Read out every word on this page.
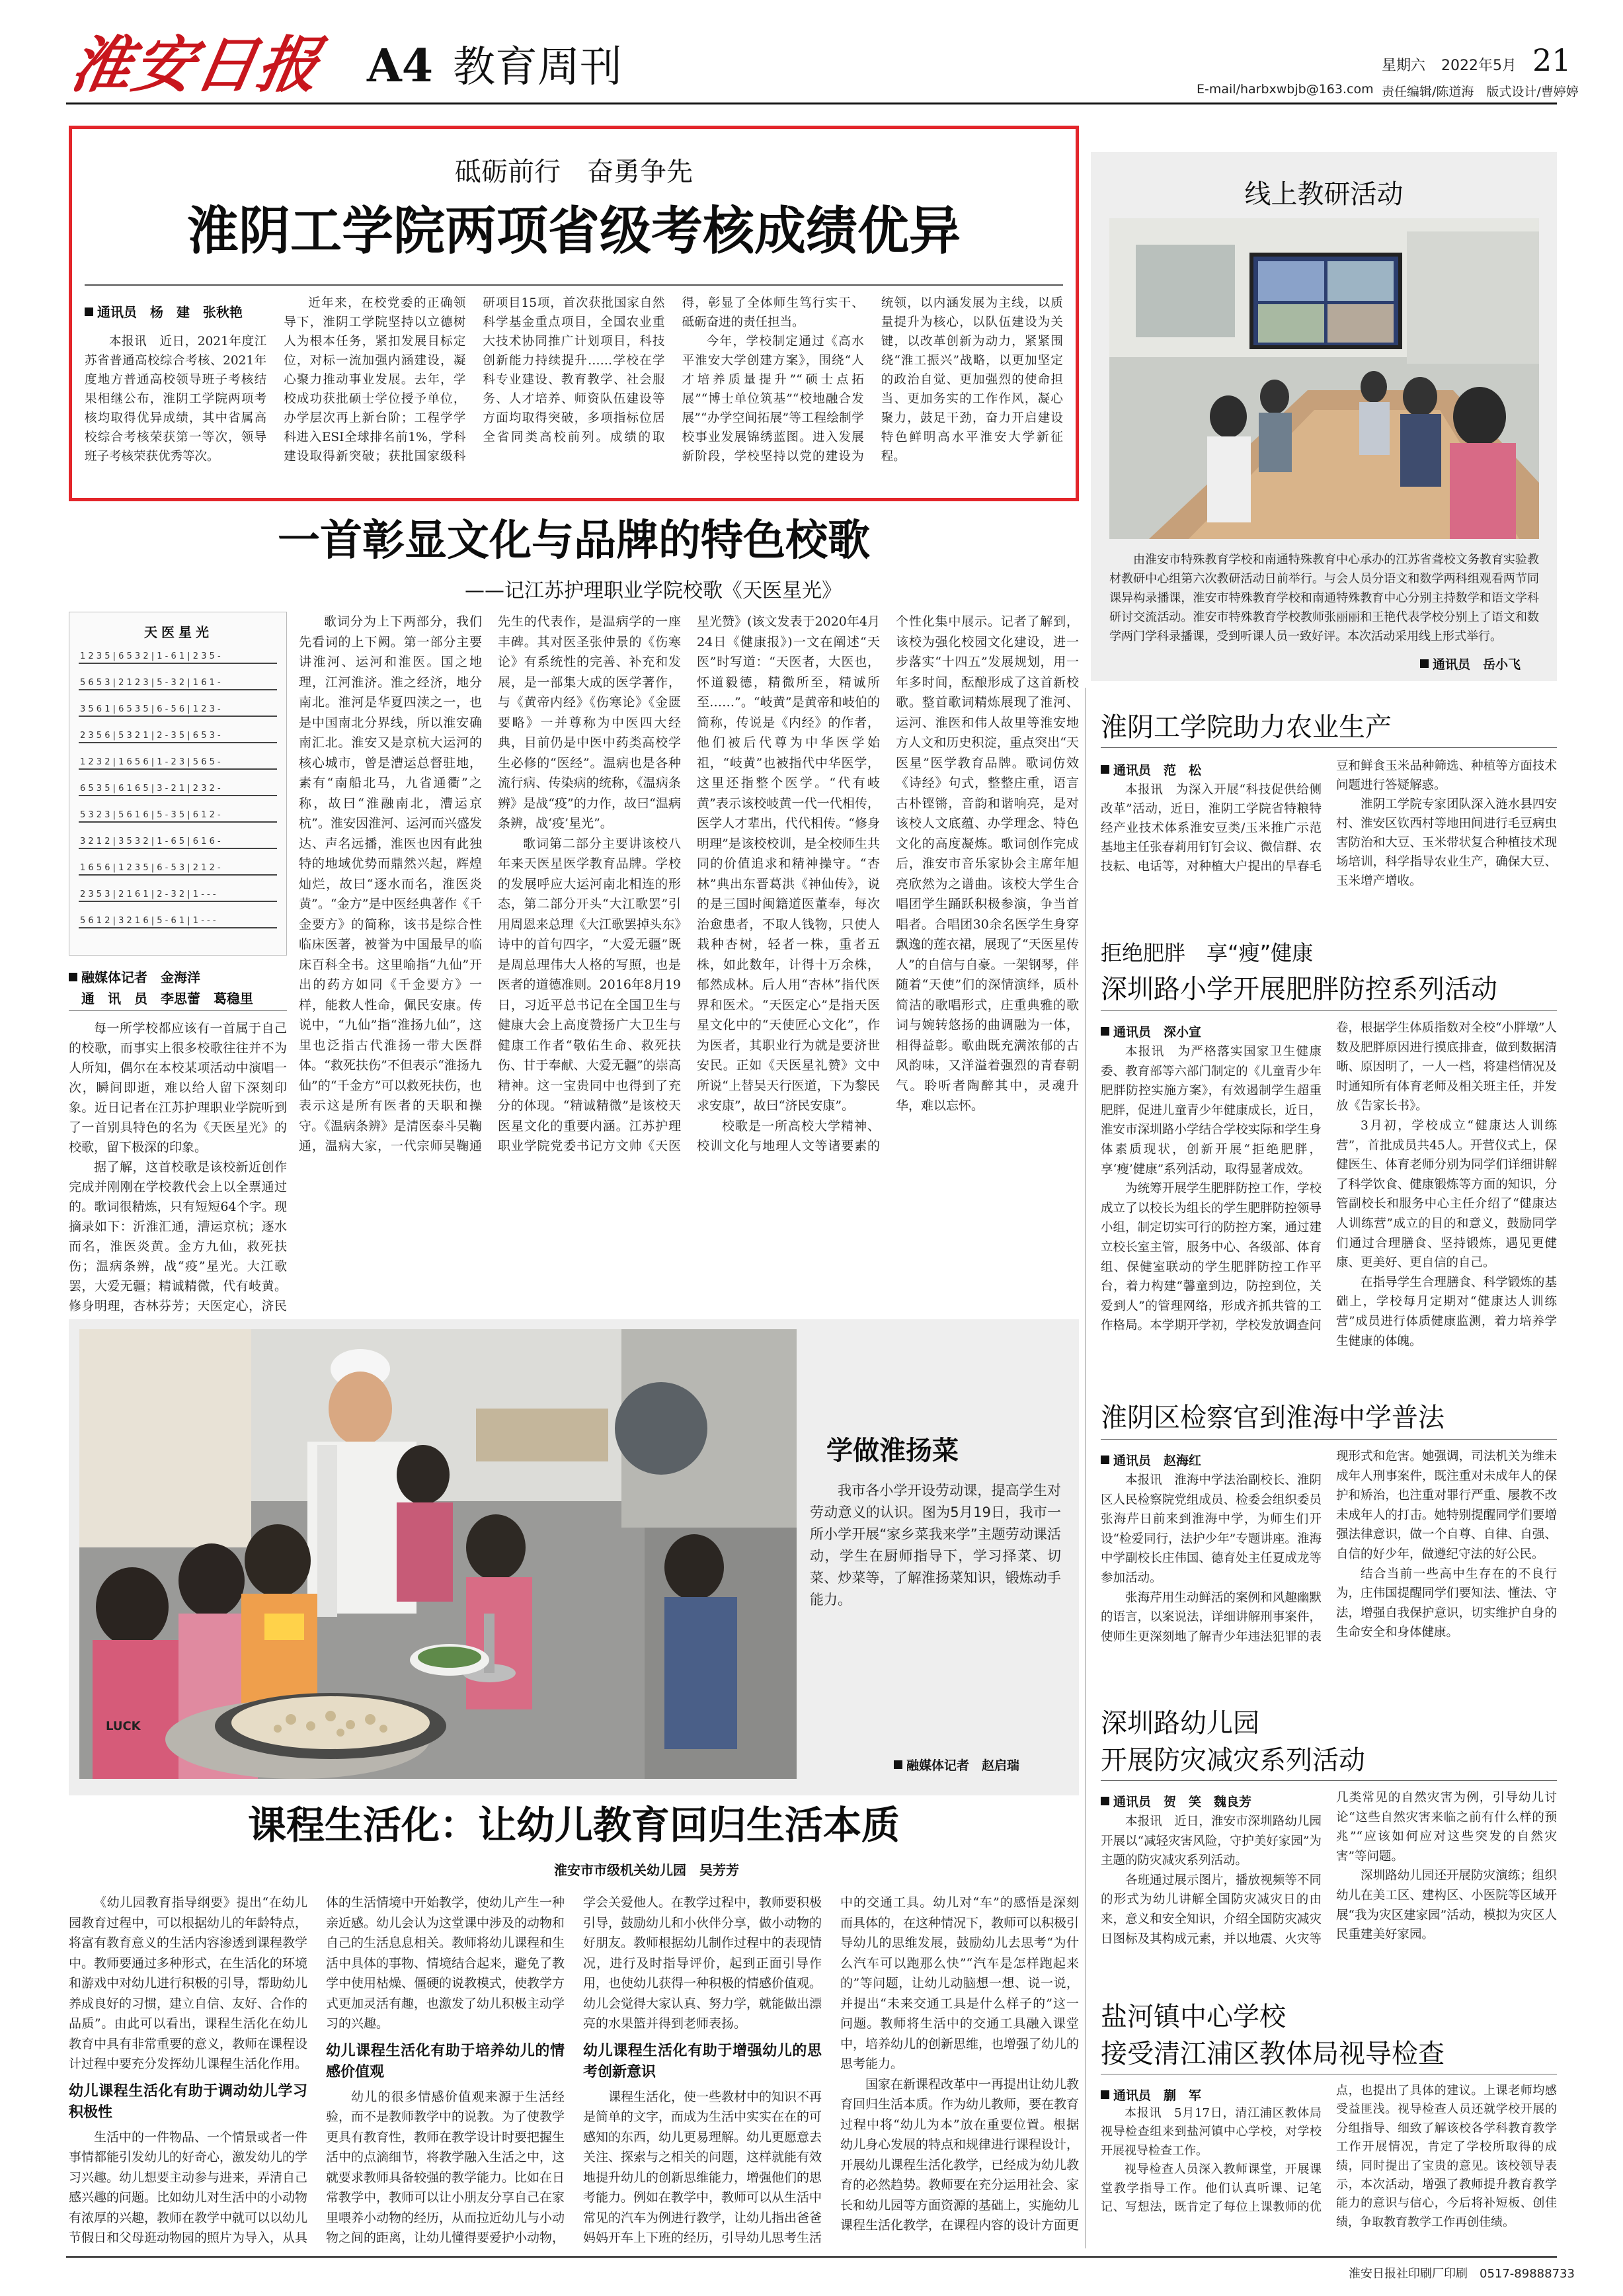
淮安日报 A4 教育周刊	星期六 2022年5月 21
E-mail/harbxwbjb@163.com 责任编辑/陈道海　版式设计/曹婷婷
砥砺前行　奋勇争先
淮阴工学院两项省级考核成绩优异
通讯员　杨　建　张秋艳

本报讯　近日，2021年度江苏省普通高校综合考核、2021年度地方普通高校领导班子考核结果相继公布，淮阴工学院两项考核均取得优异成绩，其中省属高校综合考核荣获第一等次，领导班子考核荣获优秀等次。

近年来，在校党委的正确领导下，淮阴工学院坚持以立德树人为根本任务，紧扣发展目标定位，对标一流加强内涵建设，凝心聚力推动事业发展。去年，学校成功获批硕士学位授予单位，办学层次再上新台阶；工程学学科进入ESI全球排名前1%，学科建设取得新突破；获批国家级科研项目15项，首次获批国家自然科学基金重点项目，全国农业重大技术协同推广计划项目，科技创新能力持续提升……学校在学科专业建设、教育教学、社会服务、人才培养、师资队伍建设等方面均取得突破，多项指标位居全省同类高校前列。成绩的取得，彰显了全体师生笃行实干、砥砺奋进的责任担当。

今年，学校制定通过《高水平淮安大学创建方案》，围绕“人才培养质量提升”“硕士点拓展”“博士单位筑基”“校地融合发展”“办学空间拓展”等工程绘制学校事业发展锦绣蓝图。进入发展新阶段，学校坚持以党的建设为统领，以内涵发展为主线，以质量提升为核心，以队伍建设为关键，以改革创新为动力，紧紧围绕“淮工振兴”战略，以更加坚定的政治自觉、更加强烈的使命担当、更加务实的工作作风，凝心聚力，鼓足干劲，奋力开启建设特色鲜明高水平淮安大学新征程。

线上教研活动

由淮安市特殊教育学校和南通特殊教育中心承办的江苏省聋校文务教育实验教材教研中心组第六次教研活动日前举行。与会人员分语文和数学两科组观看两节同课异构录播课，淮安市特殊教育学校和南通特殊教育中心分别主持数学和语文学科研讨交流活动。淮安市特殊教育学校教师张丽丽和王艳代表学校分别上了语文和数学两门学科录播课，受到听课人员一致好评。本次活动采用线上形式举行。

通讯员　岳小飞
一首彰显文化与品牌的特色校歌
——记江苏护理职业学院校歌《天医星光》
天医星光
1 2 3 5 | 6 5 3 2 | 1 - 6 1 | 2 3 5 -
5 6 5 3 | 2 1 2 3 | 5 - 3 2 | 1 6 1 -
3 5 6 1 | 6 5 3 5 | 6 - 5 6 | 1 2 3 -
2 3 5 6 | 5 3 2 1 | 2 - 3 5 | 6 5 3 -
1 2 3 2 | 1 6 5 6 | 1 - 2 3 | 5 6 5 -
6 5 3 5 | 6 1 6 5 | 3 - 2 1 | 2 3 2 -
5 3 2 3 | 5 6 1 6 | 5 - 3 5 | 6 1 2 -
3 2 1 2 | 3 5 3 2 | 1 - 6 5 | 6 1 6 -
1 6 5 6 | 1 2 3 5 | 6 - 5 3 | 2 1 2 -
2 3 5 3 | 2 1 6 1 | 2 - 3 2 | 1 - - -
5 6 1 2 | 3 2 1 6 | 5 - 6 1 | 1 - - -
融媒体记者　金海洋
通　讯　员　李思蕾　葛稳里

每一所学校都应该有一首属于自己的校歌，而事实上很多校歌往往并不为人所知，偶尔在本校某项活动中演唱一次，瞬间即逝，难以给人留下深刻印象。近日记者在江苏护理职业学院听到了一首别具特色的名为《天医星光》的校歌，留下极深的印象。

据了解，这首校歌是该校新近创作完成并刚刚在学校教代会上以全票通过的。歌词很精炼，只有短短64个字。现摘录如下：沂淮汇通，漕运京杭；逐水而名，淮医炎黄。金方九仙，救死扶伤；温病条辨，战“疫”星光。大江歌罢，大爱无疆；精诚精微，代有岐黄。修身明理，杏林芬芳；天医定心，济民

歌词分为上下两部分，我们先看词的上下阙。第一部分主要讲淮河、运河和淮医。国之地理，江河淮济。淮之经济，地分南北。淮河是华夏四渎之一，也是中国南北分界线，所以淮安确南汇北。淮安又是京杭大运河的核心城市，曾是漕运总督驻地，素有“南船北马，九省通衢”之称，故曰“淮融南北，漕运京杭”。淮安因淮河、运河而兴盛发达、声名远播，淮医也因有此独特的地域优势而鼎然兴起，辉煌灿烂，故曰“逐水而名，淮医炎黄”。“金方”是中医经典著作《千金要方》的简称，该书是综合性临床医著，被誉为中国最早的临床百科全书。这里喻指“九仙”开出的药方如同《千金要方》一样，能救人性命，佩民安康。传说中，“九仙”指“淮扬九仙”，这里也泛指古代淮扬一带大医群体。“救死扶伤”不但表示“淮扬九仙”的“千金方”可以救死扶伤，也表示这是所有医者的天职和操守。《温病条辨》是清医泰斗吴鞠通，温病大家，一代宗师吴鞠通先生的代表作，是温病学的一座丰碑。其对医圣张仲景的《伤寒论》有系统性的完善、补充和发展，是一部集大成的医学著作，与《黄帝内经》《伤寒论》《金匮要略》一并尊称为中医四大经典，目前仍是中医中药类高校学生必修的“医经”。温病也是各种流行病、传染病的统称，《温病条辨》是战“疫”的力作，故曰“温病条辨，战‘疫’星光”。

歌词第二部分主要讲该校八年来天医星医学教育品牌。学校的发展呼应大运河南北相连的形态，第二部分开头“大江歌罢”引用周恩来总理《大江歌罢掉头东》诗中的首句四字，“大爱无疆”既是周总理伟大人格的写照，也是医者的道德准则。2016年8月19日，习近平总书记在全国卫生与健康大会上高度赞扬广大卫生与健康工作者“敬佑生命、救死扶伤、甘于奉献、大爱无疆”的崇高精神。这一宝贵同中也得到了充分的体现。“精诚精微”是该校天医星文化的重要内涵。江苏护理职业学院党委书记方文帅《天医星光赞》(该文发表于2020年4月24日《健康报》)一文在阐述“天医”时写道：“天医者，大医也，怀道毅德，精微所至，精诚所至……”。“岐黄”是黄帝和岐伯的简称，传说是《内经》的作者，他们被后代尊为中华医学始祖，“岐黄”也被指代中华医学，这里还指整个医学。“代有岐黄”表示该校岐黄一代一代相传，医学人才辈出，代代相传。“修身明理”是该校校训，是全校师生共同的价值追求和精神操守。“杏林”典出东晋葛洪《神仙传》，说的是三国时闽籍道医董奉，每次治愈患者，不取人钱物，只使人栽种杏树，轻者一株，重者五株，如此数年，计得十万余株，郁然成林。后人用“杏林”指代医界和医术。“天医定心”是指天医星文化中的“天使匠心文化”，作为医者，其职业行为就是要济世安民。正如《天医星礼赞》文中所说“上替吴天行医道，下为黎民求安康”，故曰“济民安康”。

校歌是一所高校大学精神、校训文化与地理人文等诸要素的个性化集中展示。记者了解到，该校为强化校园文化建设，进一步落实“十四五”发展规划，用一年多时间，酝酿形成了这首新校歌。整首歌词精炼展现了淮河、运河、淮医和伟人故里等淮安地方人文和历史积淀，重点突出“天医星”医学教育品牌。歌词仿效《诗经》句式，整整庄重，语言古朴铿锵，音韵和谐响亮，是对该校人文底蕴、办学理念、特色文化的高度凝炼。歌词创作完成后，淮安市音乐家协会主席年旭亮欣然为之谱曲。该校大学生合唱团学生踊跃积极参演，争当首唱者。合唱团30余名医学生身穿飘逸的莲衣裙，展现了“天医星传人”的自信与自豪。一架钢琴，伴随着“天使”们的深情演绎，质朴简洁的歌唱形式，庄重典雅的歌词与婉转悠扬的曲调融为一体，相得益彰。歌曲既充满浓郁的古风韵味，又洋溢着强烈的青春朝气。聆听者陶醉其中，灵魂升华，难以忘怀。

LUCK
学做淮扬菜

我市各小学开设劳动课，提高学生对劳动意义的认识。图为5月19日，我市一所小学开展“家乡菜我来学”主题劳动课活动，学生在厨师指导下，学习择菜、切菜、炒菜等，了解淮扬菜知识，锻炼动手能力。

融媒体记者　赵启瑞
课程生活化：让幼儿教育回归生活本质
淮安市市级机关幼儿园　吴芳芳

《幼儿园教育指导纲要》提出“在幼儿园教育过程中，可以根据幼儿的年龄特点，将富有教育意义的生活内容渗透到课程教学中。教师要通过多种形式，在生活化的环境和游戏中对幼儿进行积极的引导，帮助幼儿养成良好的习惯，建立自信、友好、合作的品质”。由此可以看出，课程生活化在幼儿教育中具有非常重要的意义，教师在课程设计过程中要充分发挥幼儿课程生活化作用。

幼儿课程生活化有助于调动幼儿学习积极性

生活中的一件物品、一个情景或者一件事情都能引发幼儿的好奇心，激发幼儿的学习兴趣。幼儿想要主动参与进来，弄清自己感兴趣的问题。比如幼儿对生活中的小动物有浓厚的兴趣，教师在教学中就可以以幼儿节假日和父母逛动物园的照片为导入，从具体的生活情境中开始教学，使幼儿产生一种亲近感。幼儿会认为这堂课中涉及的动物和自己的生活息息相关。教师将幼儿课程和生活中具体的事物、情境结合起来，避免了教学中使用枯燥、僵硬的说教模式，使教学方式更加灵活有趣，也激发了幼儿积极主动学习的兴趣。

幼儿课程生活化有助于培养幼儿的情感价值观

幼儿的很多情感价值观来源于生活经验，而不是教师教学中的说教。为了使教学更具有教育性，教师在教学设计时要把握生活中的点滴细节，将教学融入生活之中，这就要求教师具备较强的教学能力。比如在日常教学中，教师可以让小朋友分享自己在家里喂养小动物的经历，从而拉近幼儿与小动物之间的距离，让幼儿懂得要爱护小动物，学会关爱他人。在教学过程中，教师要积极引导，鼓励幼儿和小伙伴分享，做小动物的好朋友。教师根据幼儿制作过程中的表现情况，进行及时指导评价，起到正面引导作用，也使幼儿获得一种积极的情感价值观。幼儿会觉得大家认真、努力学，就能做出漂亮的水果篮并得到老师表扬。

幼儿课程生活化有助于增强幼儿的思考创新意识

课程生活化，使一些教材中的知识不再是简单的文字，而成为生活中实实在在的可感知的东西，幼儿更易理解。幼儿更愿意去关注、探索与之相关的问题，这样就能有效地提升幼儿的创新思维能力，增强他们的思考能力。例如在教学中，教师可以从生活中常见的汽车为例进行教学，让幼儿指出爸爸妈妈开车上下班的经历，引导幼儿思考生活中的交通工具。幼儿对“车”的感悟是深刻而具体的，在这种情况下，教师可以积极引导幼儿的思维发展，鼓励幼儿去思考“为什么汽车可以跑那么快”“汽车是怎样跑起来的”等问题，让幼儿动脑想一想、说一说，并提出“未来交通工具是什么样子的”这一问题。教师将生活中的交通工具融入课堂中，培养幼儿的创新思维，也增强了幼儿的思考能力。

国家在新课程改革中一再提出让幼儿教育回归生活本质。作为幼儿教师，要在教育过程中将“幼儿为本”放在重要位置。根据幼儿身心发展的特点和规律进行课程设计，开展幼儿课程生活化教学，已经成为幼儿教育的必然趋势。教师要在充分运用社会、家长和幼儿园等方面资源的基础上，实施幼儿课程生活化教学，在课程内容的设计方面更

淮阴工学院助力农业生产
通讯员　范　松

本报讯　为深入开展“科技促供给侧改革”活动，近日，淮阴工学院省特粮特经产业技术体系淮安豆类/玉米推广示范基地主任张春莉用钉钉会议、微信群、农技耘、电话等，对种植大户提出的旱春毛豆和鲜食玉米品种筛选、种植等方面技术问题进行答疑解惑。

淮阴工学院专家团队深入涟水县四安村、淮安区钦西村等地田间进行毛豆病虫害防治和大豆、玉米带状复合种植技术现场培训，科学指导农业生产，确保大豆、玉米增产增收。

拒绝肥胖　享“瘦”健康
深圳路小学开展肥胖防控系列活动
通讯员　深小宣

本报讯　为严格落实国家卫生健康委、教育部等六部门制定的《儿童青少年肥胖防控实施方案》，有效遏制学生超重肥胖，促进儿童青少年健康成长，近日，淮安市深圳路小学结合学校实际和学生身体素质现状，创新开展“拒绝肥胖，享‘瘦’健康”系列活动，取得显著成效。

为统筹开展学生肥胖防控工作，学校成立了以校长为组长的学生肥胖防控领导小组，制定切实可行的防控方案，通过建立校长室主管，服务中心、各级部、体育组、保健室联动的学生肥胖防控工作平台，着力构建“馨童到边，防控到位，关爱到人”的管理网络，形成齐抓共管的工作格局。本学期开学初，学校发放调查问卷，根据学生体质指数对全校“小胖墩”人数及肥胖原因进行摸底排查，做到数据清晰、原因明了，一人一档，将建档情况及时通知所有体育老师及相关班主任，并发放《告家长书》。

3月初，学校成立“健康达人训练营”，首批成员共45人。开营仪式上，保健医生、体育老师分别为同学们详细讲解了科学饮食、健康锻炼等方面的知识，分管副校长和服务中心主任介绍了“健康达人训练营”成立的目的和意义，鼓励同学们通过合理膳食、坚持锻炼，遇见更健康、更美好、更自信的自己。

在指导学生合理膳食、科学锻炼的基础上，学校每月定期对“健康达人训练营”成员进行体质健康监测，着力培养学生健康的体魄。

淮阴区检察官到淮海中学普法
通讯员　赵海红

本报讯　淮海中学法治副校长、淮阴区人民检察院党组成员、检委会组织委员张海芹日前来到淮海中学，为师生们开设“检爱同行，法护少年”专题讲座。淮海中学副校长庄伟国、德育处主任夏成龙等参加活动。

张海芹用生动鲜活的案例和风趣幽默的语言，以案说法，详细讲解刑事案件，使师生更深刻地了解青少年违法犯罪的表现形式和危害。她强调，司法机关为维未成年人刑事案件，既注重对未成年人的保护和矫治，也注重对罪行严重、屡教不改未成年人的打击。她特别提醒同学们要增强法律意识，做一个自尊、自律、自强、自信的好少年，做遵纪守法的好公民。

结合当前一些高中生存在的不良行为，庄伟国提醒同学们要知法、懂法、守法，增强自我保护意识，切实维护自身的生命安全和身体健康。

深圳路幼儿园
开展防灾减灾系列活动
通讯员　贺　笑　魏良芳

本报讯　近日，淮安市深圳路幼儿园开展以“减轻灾害风险，守护美好家园”为主题的防灾减灾系列活动。

各班通过展示图片，播放视频等不同的形式为幼儿讲解全国防灾减灾日的由来，意义和安全知识，介绍全国防灾减灾日图标及其构成元素，并以地震、火灾等几类常见的自然灾害为例，引导幼儿讨论“这些自然灾害来临之前有什么样的预兆”“应该如何应对这些突发的自然灾害”等问题。

深圳路幼儿园还开展防灾演练；组织幼儿在美工区、建构区、小医院等区域开展“我为灾区建家园”活动，模拟为灾区人民重建美好家园。

盐河镇中心学校
接受清江浦区教体局视导检查
通讯员　蒯　军

本报讯　5月17日，清江浦区教体局视导检查组来到盐河镇中心学校，对学校开展视导检查工作。

视导检查人员深入教师课堂，开展课堂教学指导工作。他们认真听课、记笔记、写想法，既肯定了每位上课教师的优点，也提出了具体的建议。上课老师均感受益匪浅。视导检查人员还就学校开展的分组指导、细致了解该校各学科教育教学工作开展情况，肯定了学校所取得的成绩，同时提出了宝贵的意见。该校领导表示，本次活动，增强了教师提升教育教学能力的意识与信心，今后将补短板、创佳绩，争取教育教学工作再创佳绩。

淮安日报社印刷厂印刷　0517-89888733
